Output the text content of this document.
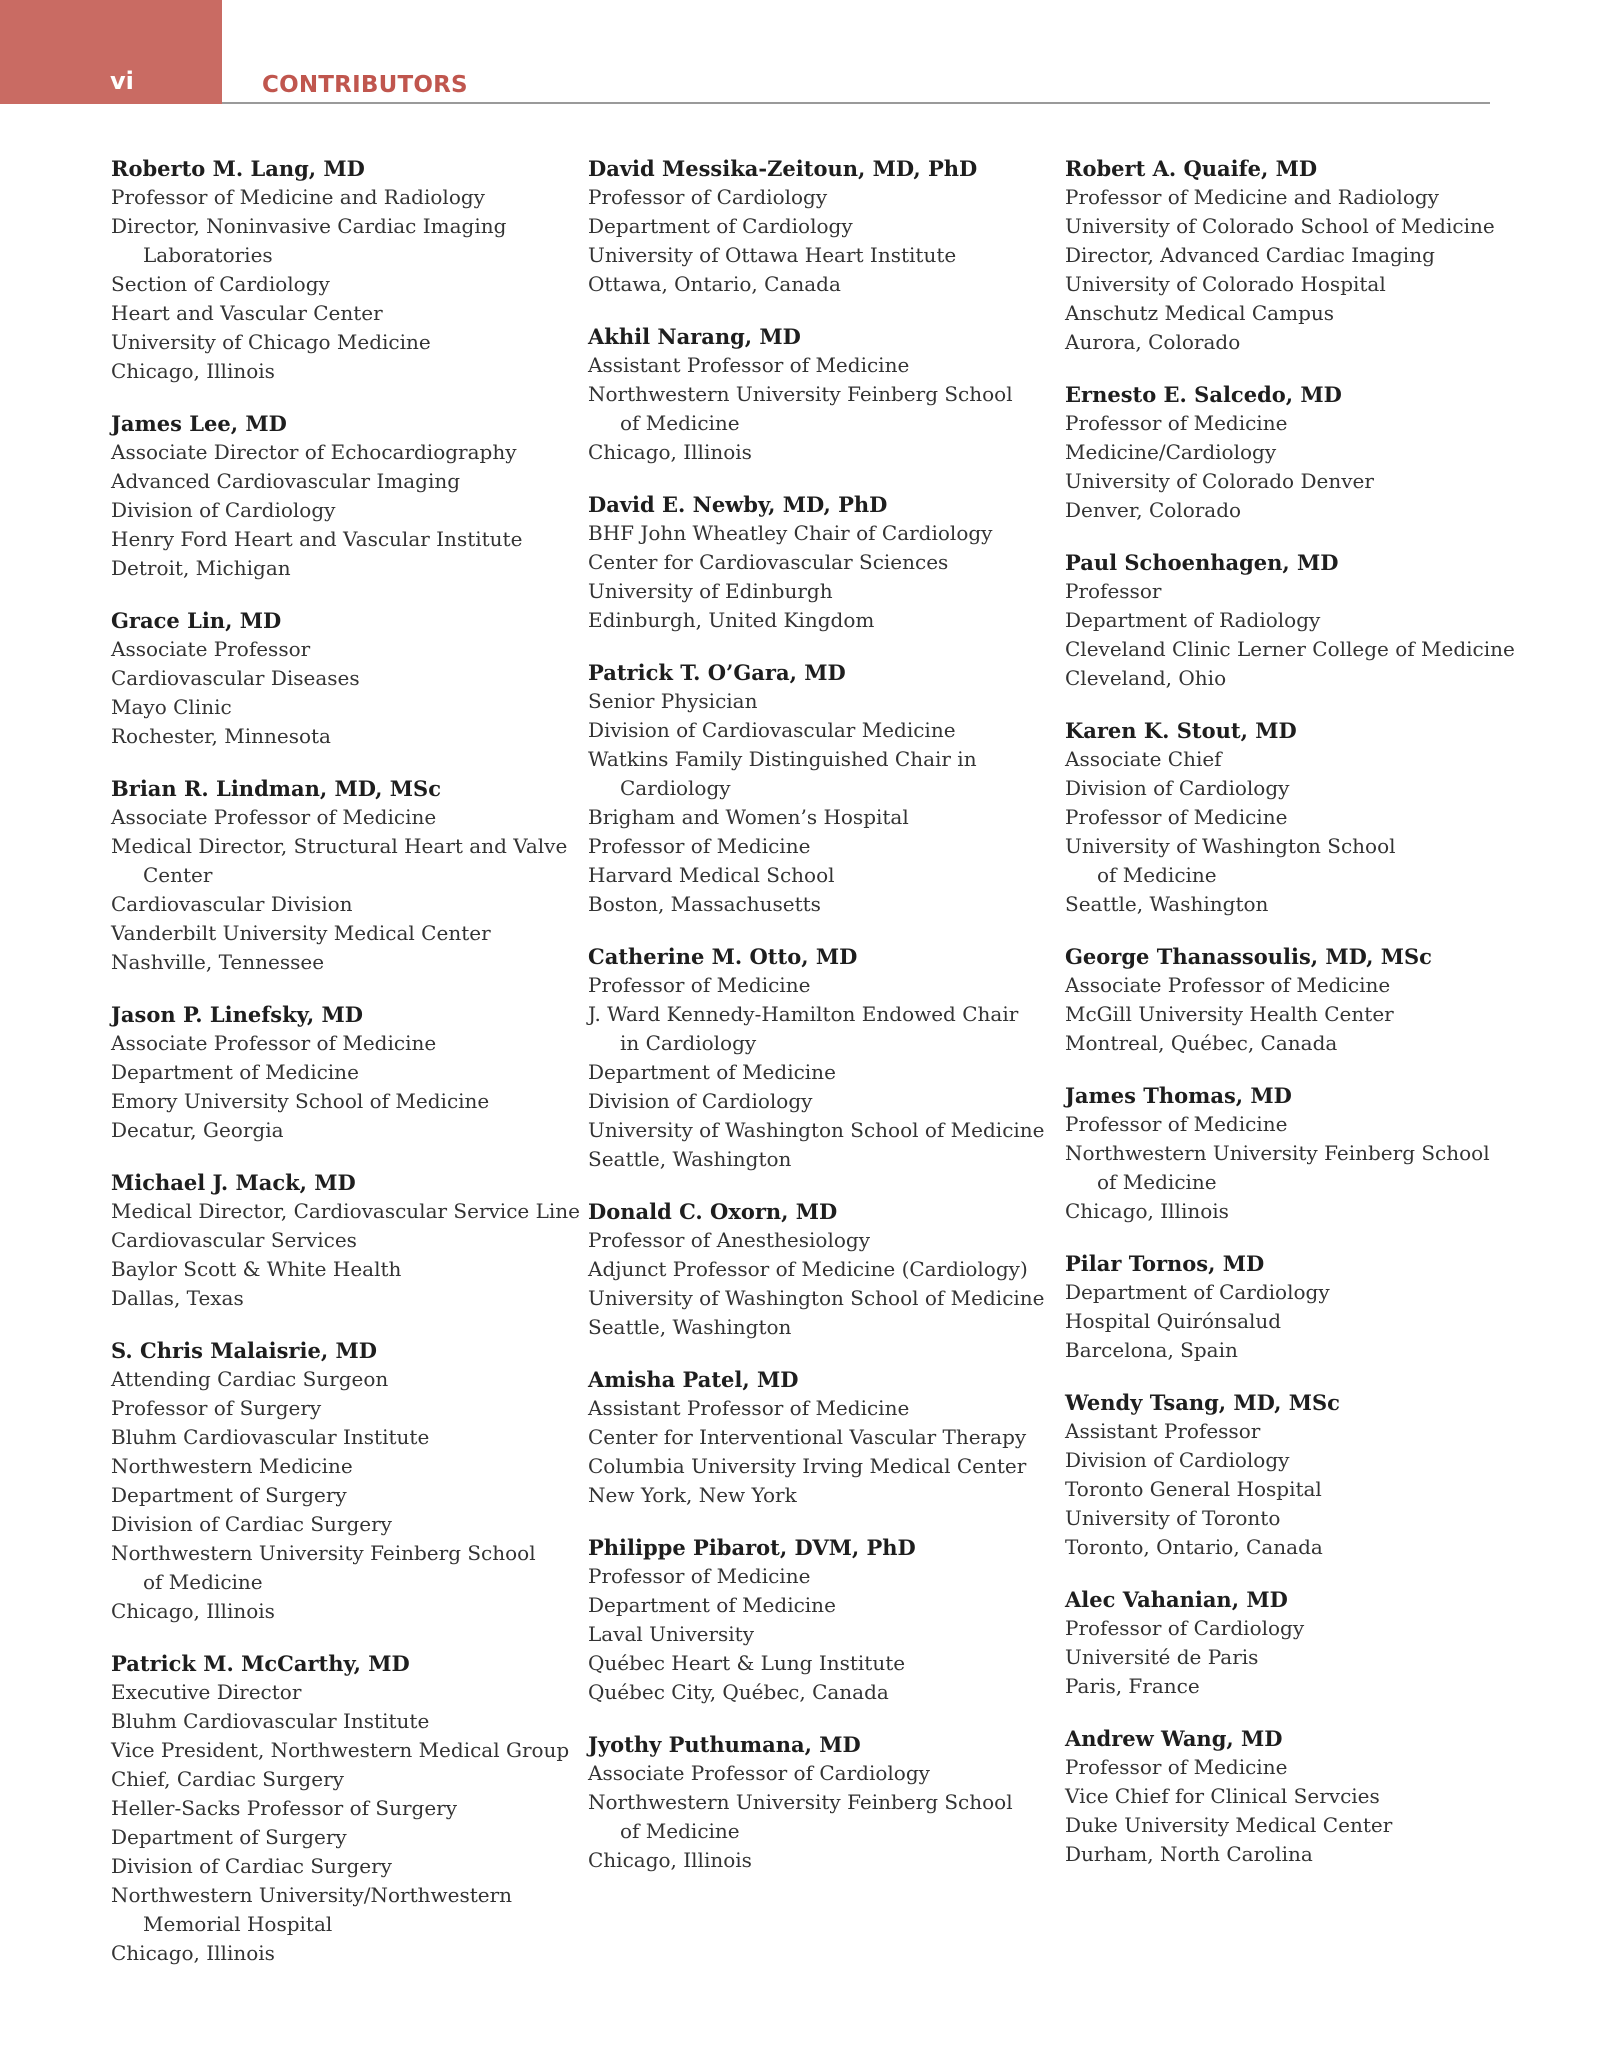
vi	CONTRIBUTORS
Roberto M. Lang, MD
Professor of Medicine and Radiology
Director, Noninvasive Cardiac Imaging
Laboratories
Section of Cardiology
Heart and Vascular Center
University of Chicago Medicine
Chicago, Illinois
James Lee, MD
Associate Director of Echocardiography
Advanced Cardiovascular Imaging
Division of Cardiology
Henry Ford Heart and Vascular Institute
Detroit, Michigan
Grace Lin, MD
Associate Professor
Cardiovascular Diseases
Mayo Clinic
Rochester, Minnesota
Brian R. Lindman, MD, MSc
Associate Professor of Medicine
Medical Director, Structural Heart and Valve
Center
Cardiovascular Division
Vanderbilt University Medical Center
Nashville, Tennessee
Jason P. Linefsky, MD
Associate Professor of Medicine
Department of Medicine
Emory University School of Medicine
Decatur, Georgia
Michael J. Mack, MD
Medical Director, Cardiovascular Service Line
Cardiovascular Services
Baylor Scott & White Health
Dallas, Texas
S. Chris Malaisrie, MD
Attending Cardiac Surgeon
Professor of Surgery
Bluhm Cardiovascular Institute
Northwestern Medicine
Department of Surgery
Division of Cardiac Surgery
Northwestern University Feinberg School
of Medicine
Chicago, Illinois
Patrick M. McCarthy, MD
Executive Director
Bluhm Cardiovascular Institute
Vice President, Northwestern Medical Group
Chief, Cardiac Surgery
Heller-Sacks Professor of Surgery
Department of Surgery
Division of Cardiac Surgery
Northwestern University/Northwestern
Memorial Hospital
Chicago, Illinois
David Messika-Zeitoun, MD, PhD
Professor of Cardiology
Department of Cardiology
University of Ottawa Heart Institute
Ottawa, Ontario, Canada
Akhil Narang, MD
Assistant Professor of Medicine
Northwestern University Feinberg School
of Medicine
Chicago, Illinois
David E. Newby, MD, PhD
BHF John Wheatley Chair of Cardiology
Center for Cardiovascular Sciences
University of Edinburgh
Edinburgh, United Kingdom
Patrick T. O’Gara, MD
Senior Physician
Division of Cardiovascular Medicine
Watkins Family Distinguished Chair in
Cardiology
Brigham and Women’s Hospital
Professor of Medicine
Harvard Medical School
Boston, Massachusetts
Catherine M. Otto, MD
Professor of Medicine
J. Ward Kennedy-Hamilton Endowed Chair
in Cardiology
Department of Medicine
Division of Cardiology
University of Washington School of Medicine
Seattle, Washington
Donald C. Oxorn, MD
Professor of Anesthesiology
Adjunct Professor of Medicine (Cardiology)
University of Washington School of Medicine
Seattle, Washington
Amisha Patel, MD
Assistant Professor of Medicine
Center for Interventional Vascular Therapy
Columbia University Irving Medical Center
New York, New York
Philippe Pibarot, DVM, PhD
Professor of Medicine
Department of Medicine
Laval University
Québec Heart & Lung Institute
Québec City, Québec, Canada
Jyothy Puthumana, MD
Associate Professor of Cardiology
Northwestern University Feinberg School
of Medicine
Chicago, Illinois
Robert A. Quaife, MD
Professor of Medicine and Radiology
University of Colorado School of Medicine
Director, Advanced Cardiac Imaging
University of Colorado Hospital
Anschutz Medical Campus
Aurora, Colorado
Ernesto E. Salcedo, MD
Professor of Medicine
Medicine/Cardiology
University of Colorado Denver
Denver, Colorado
Paul Schoenhagen, MD
Professor
Department of Radiology
Cleveland Clinic Lerner College of Medicine
Cleveland, Ohio
Karen K. Stout, MD
Associate Chief
Division of Cardiology
Professor of Medicine
University of Washington School
of Medicine
Seattle, Washington
George Thanassoulis, MD, MSc
Associate Professor of Medicine
McGill University Health Center
Montreal, Québec, Canada
James Thomas, MD
Professor of Medicine
Northwestern University Feinberg School
of Medicine
Chicago, Illinois
Pilar Tornos, MD
Department of Cardiology
Hospital Quirónsalud
Barcelona, Spain
Wendy Tsang, MD, MSc
Assistant Professor
Division of Cardiology
Toronto General Hospital
University of Toronto
Toronto, Ontario, Canada
Alec Vahanian, MD
Professor of Cardiology
Université de Paris
Paris, France
Andrew Wang, MD
Professor of Medicine
Vice Chief for Clinical Servcies
Duke University Medical Center
Durham, North Carolina
